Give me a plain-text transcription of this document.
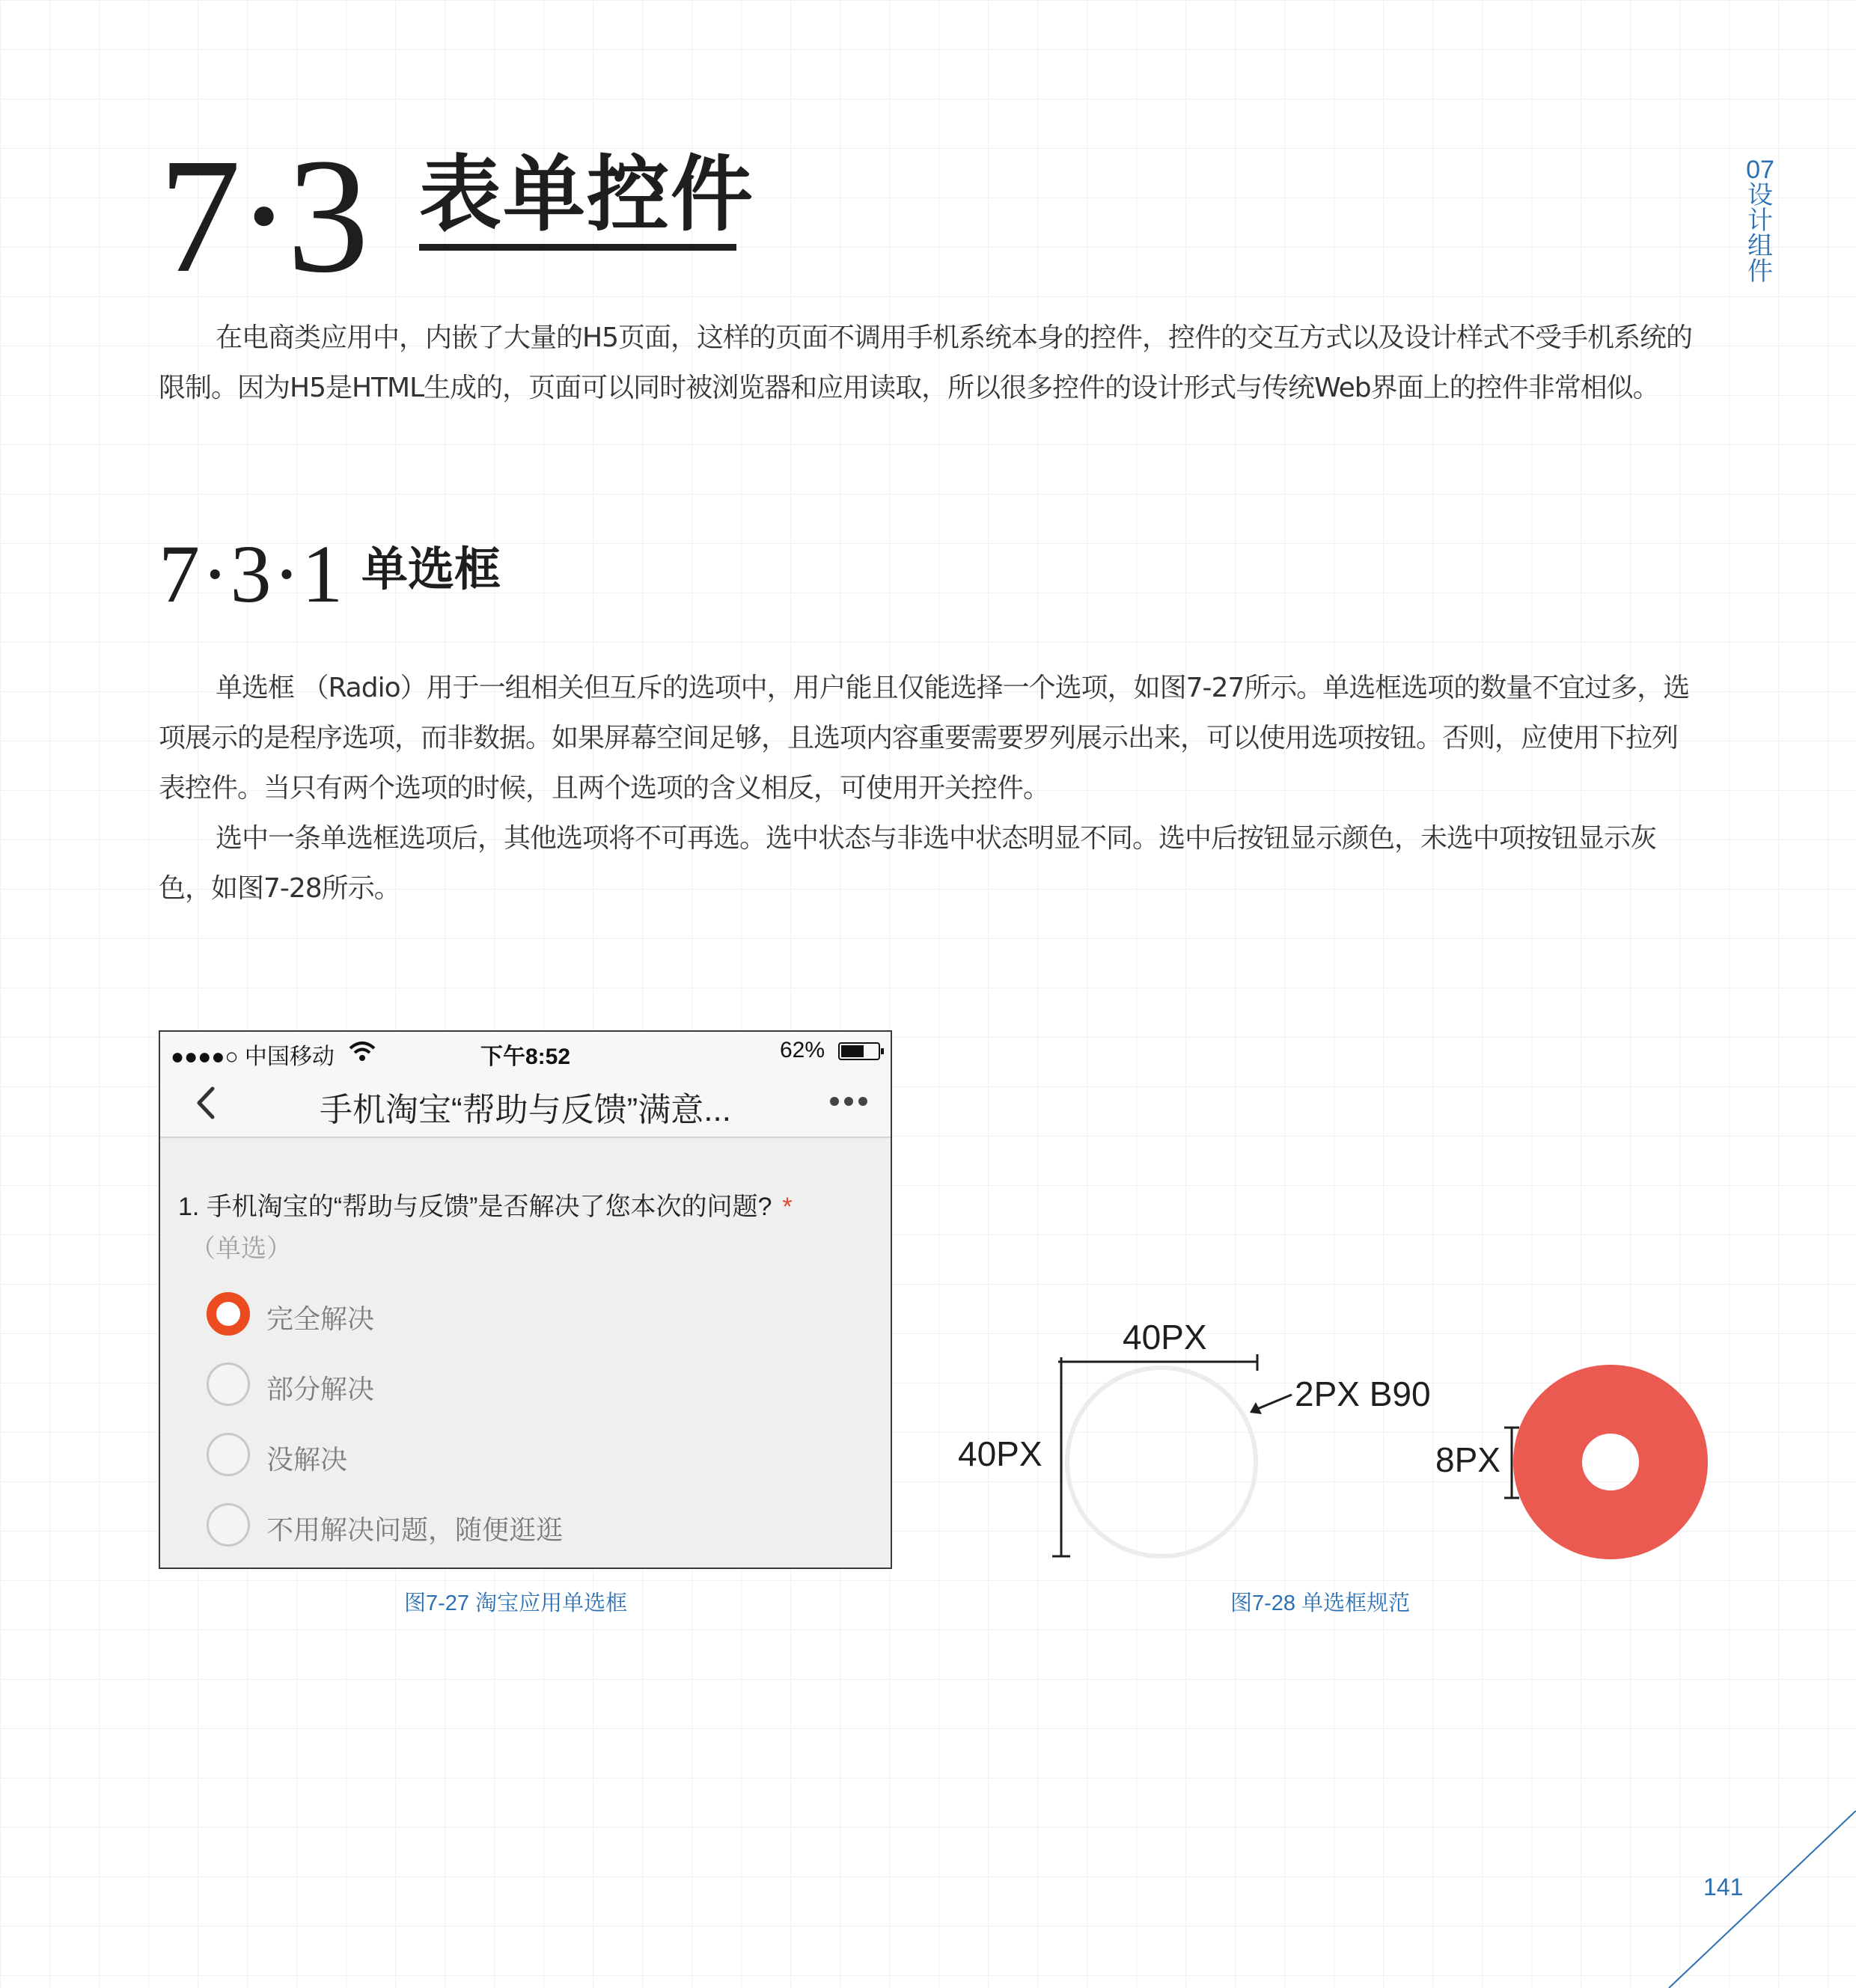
7·3 表单控件	07
设
计
组
件

在电商类应用中，内嵌了大量的H5页面，这样的页面不调用手机系统本身的控件，控件的交互方式以及设计样式不受手机系统的限制。因为H5是HTML生成的，页面可以同时被浏览器和应用读取，所以很多控件的设计形式与传统Web界面上的控件非常相似。

7·3·1 单选框

单选框 （Radio）用于一组相关但互斥的选项中，用户能且仅能选择一个选项，如图7-27所示。单选框选项的数量不宜过多，选项展示的是程序选项，而非数据。如果屏幕空间足够，且选项内容重要需要罗列展示出来，可以使用选项按钮。否则，应使用下拉列表控件。当只有两个选项的时候，且两个选项的含义相反，可使用开关控件。

选中一条单选框选项后，其他选项将不可再选。选中状态与非选中状态明显不同。选中后按钮显示颜色，未选中项按钮显示灰色，如图7-28所示。

●●●●○ 中国移动	下午8:52	62%
手机淘宝“帮助与反馈”满意...
1. 手机淘宝的“帮助与反馈”是否解决了您本次的问题? *
（单选）
完全解决
部分解决
没解决
不用解决问题，随便逛逛
图7-27 淘宝应用单选框
40PX
40PX
2PX B90
8PX
图7-28 单选框规范
141
